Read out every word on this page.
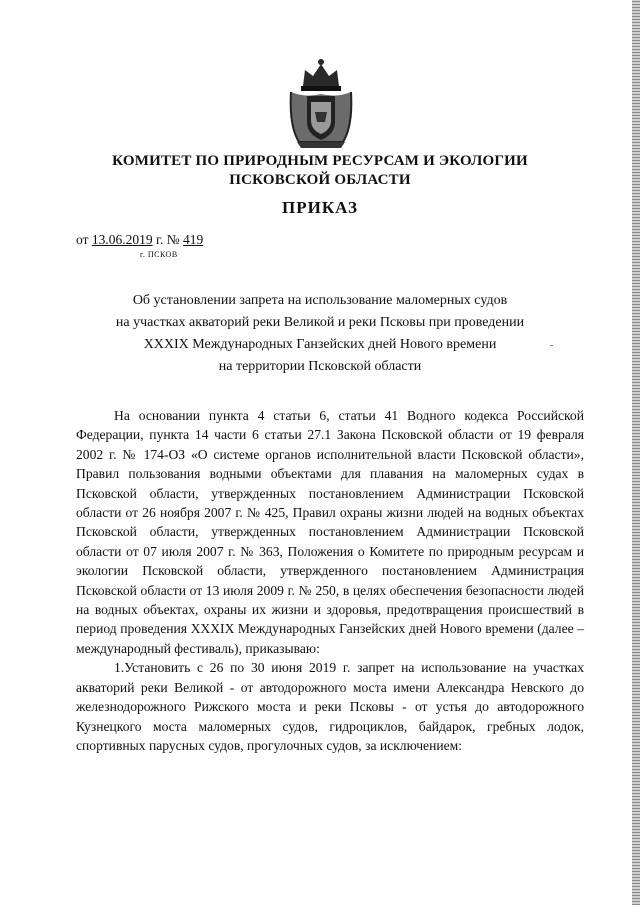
КОМИТЕТ ПО ПРИРОДНЫМ РЕСУРСАМ И ЭКОЛОГИИ
ПСКОВСКОЙ ОБЛАСТИ
ПРИКАЗ
от 13.06.2019 г. № 419
г. ПСКОВ
Об установлении запрета на использование маломерных судов
на участках акваторий реки Великой и реки Псковы при проведении
XXXIX Международных Ганзейских дней Нового времени
на территории Псковской области

На основании пункта 4 статьи 6, статьи 41 Водного кодекса Российской Федерации, пункта 14 части 6 статьи 27.1 Закона Псковской области от 19 февраля 2002 г. № 174-ОЗ «О системе органов исполнительной власти Псковской области», Правил пользования водными объектами для плавания на маломерных судах в Псковской области, утвержденных постановлением Администрации Псковской области от 26 ноября 2007 г. № 425, Правил охраны жизни людей на водных объектах Псковской области, утвержденных постановлением Администрации Псковской области от 07 июля 2007 г. № 363, Положения о Комитете по природным ресурсам и экологии Псковской области, утвержденного постановлением Администрация Псковской области от 13 июля 2009 г. № 250, в целях обеспечения безопасности людей на водных объектах, охраны их жизни и здоровья, предотвращения происшествий в период проведения XXXIX Международных Ганзейских дней Нового времени (далее – международный фестиваль), приказываю:

1.Установить с 26 по 30 июня 2019 г. запрет на использование на участках акваторий реки Великой - от автодорожного моста имени Александра Невского до железнодорожного Рижского моста и реки Псковы - от устья до автодорожного Кузнецкого моста маломерных судов, гидроциклов, байдарок, гребных лодок, спортивных парусных судов, прогулочных судов, за исключением:

-
